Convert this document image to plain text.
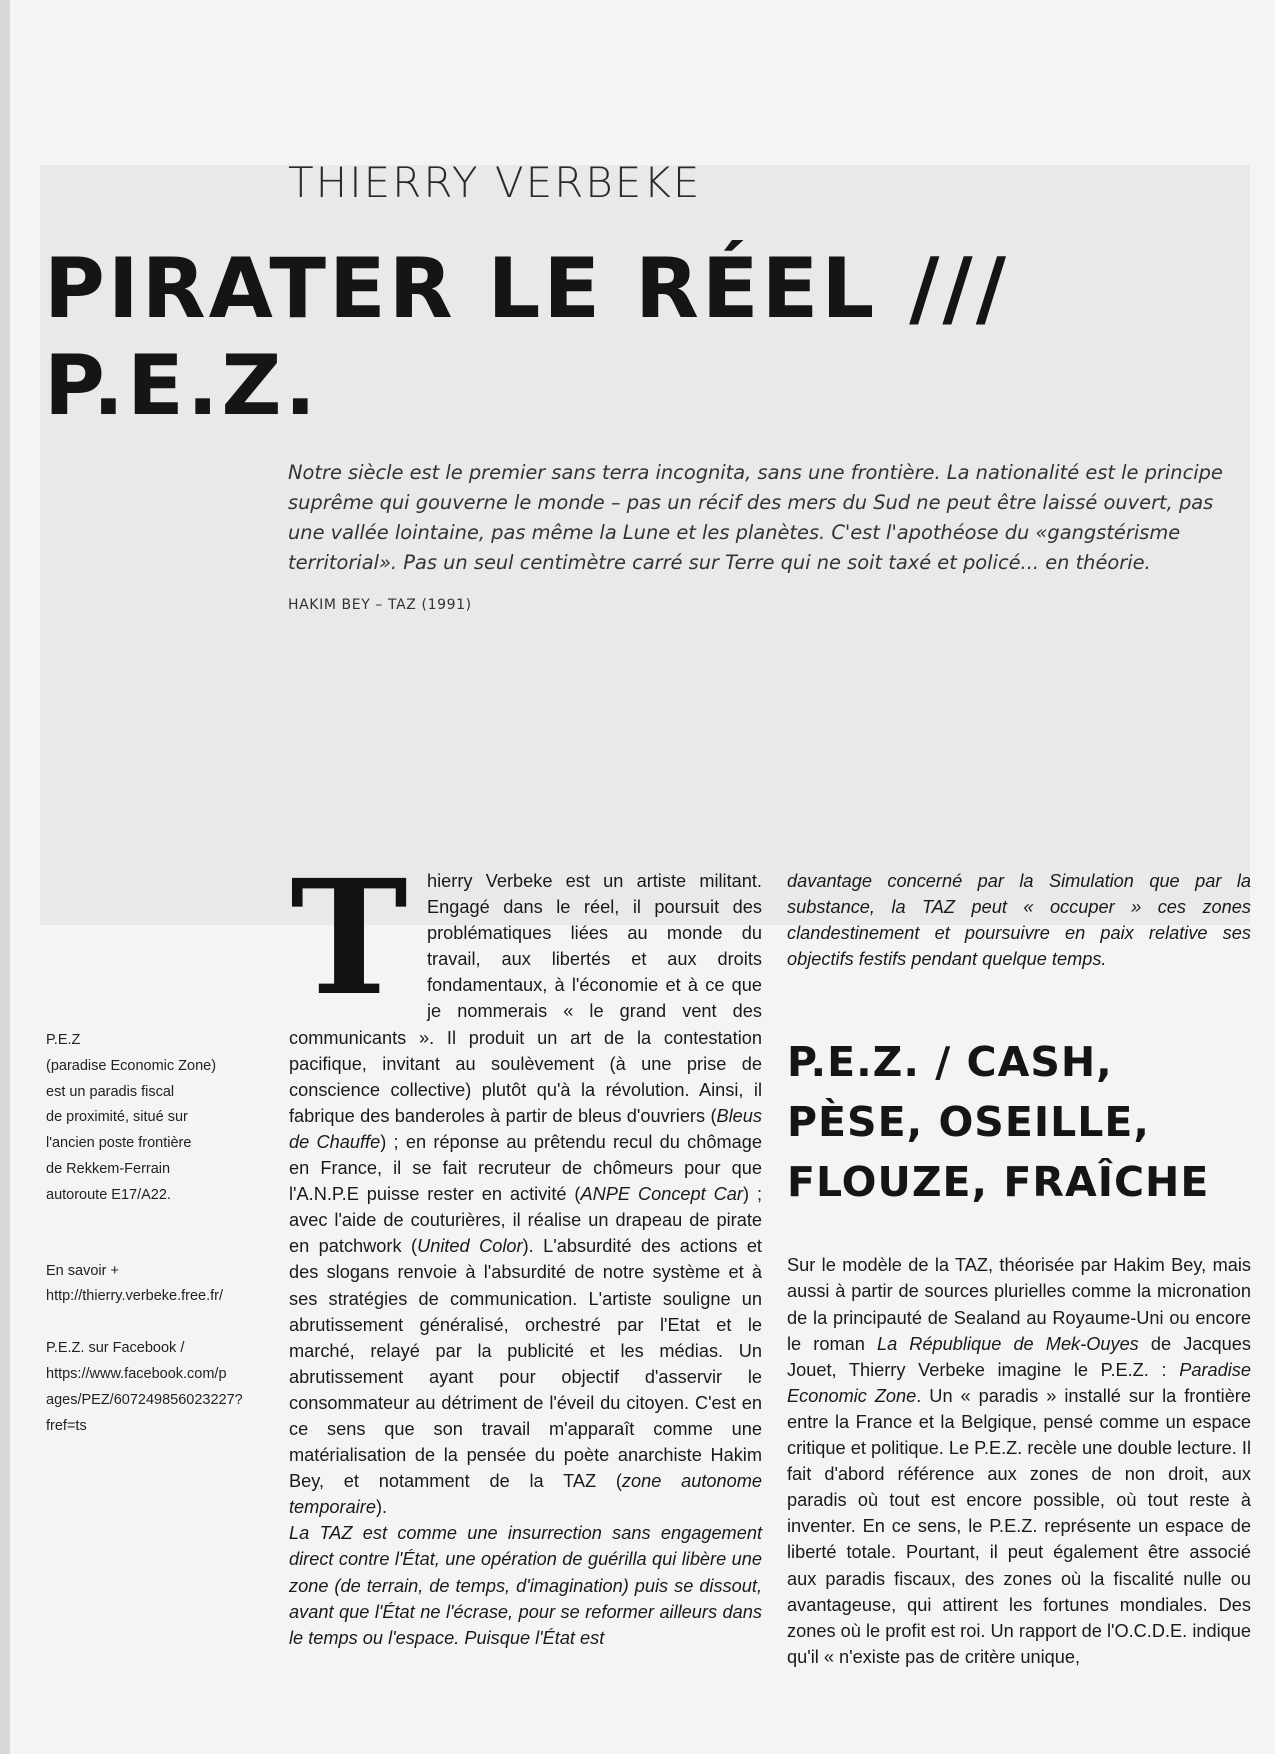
THIERRY VERBEKE
PIRATER LE RÉEL /// P.E.Z.

Notre siècle est le premier sans terra incognita, sans une frontière. La nationalité est le principe suprême qui gouverne le monde – pas un récif des mers du Sud ne peut être laissé ouvert, pas une vallée lointaine, pas même la Lune et les planètes. C'est l'apothéose du «gangstérisme territorial». Pas un seul centimètre carré sur Terre qui ne soit taxé et policé... en théorie.

HAKIM BEY – TAZ (1991)

P.E.Z
(paradise Economic Zone)
est un paradis fiscal
de proximité, situé sur
l'ancien poste frontière
de Rekkem-Ferrain
autoroute E17/A22.
En savoir +
http://thierry.verbeke.free.fr/
P.E.Z. sur Facebook /
https://www.facebook.com/p
ages/PEZ/607249856023227?
fref=ts
T	hierry Verbeke est un artiste militant. Engagé dans le réel, il poursuit des problématiques liées au monde du travail, aux libertés et aux droits fondamentaux, à l'économie et à ce que je nommerais « le grand vent des communicants ». Il produit un art de la contestation pacifique, invitant au soulèvement (à une prise de conscience collective) plutôt qu'à la révolution. Ainsi, il fabrique des banderoles à partir de bleus d'ouvriers (Bleus de Chauffe) ; en réponse au prêtendu recul du chômage en France, il se fait recruteur de chômeurs pour que l'A.N.P.E puisse rester en activité (ANPE Concept Car) ; avec l'aide de couturières, il réalise un drapeau de pirate en patchwork (United Color). L'absurdité des actions et des slogans renvoie à l'absurdité de notre système et à ses stratégies de communication. L'artiste souligne un abrutissement généralisé, orchestré par l'Etat et le marché, relayé par la publicité et les médias. Un abrutissement ayant pour objectif d'asservir le consommateur au détriment de l'éveil du citoyen. C'est en ce sens que son travail m'apparaît comme une matérialisation de la pensée du poète anarchiste Hakim Bey, et notamment de la TAZ (zone autonome temporaire).

La TAZ est comme une insurrection sans engagement direct contre l'État, une opération de guérilla qui libère une zone (de terrain, de temps, d'imagination) puis se dissout, avant que l'État ne l'écrase, pour se reformer ailleurs dans le temps ou l'espace. Puisque l'État est

davantage concerné par la Simulation que par la substance, la TAZ peut « occuper » ces zones clandestinement et poursuivre en paix relative ses objectifs festifs pendant quelque temps.

P.E.Z. / CASH,
PÈSE, OSEILLE,
FLOUZE, FRAÎCHE

Sur le modèle de la TAZ, théorisée par Hakim Bey, mais aussi à partir de sources plurielles comme la micronation de la principauté de Sealand au Royaume-Uni ou encore le roman La République de Mek-Ouyes de Jacques Jouet, Thierry Verbeke imagine le P.E.Z. : Paradise Economic Zone. Un « paradis » installé sur la frontière entre la France et la Belgique, pensé comme un espace critique et politique. Le P.E.Z. recèle une double lecture. Il fait d'abord référence aux zones de non droit, aux paradis où tout est encore possible, où tout reste à inventer. En ce sens, le P.E.Z. représente un espace de liberté totale. Pourtant, il peut également être associé aux paradis fiscaux, des zones où la fiscalité nulle ou avantageuse, qui attirent les fortunes mondiales. Des zones où le profit est roi. Un rapport de l'O.C.D.E. indique qu'il « n'existe pas de critère unique,
